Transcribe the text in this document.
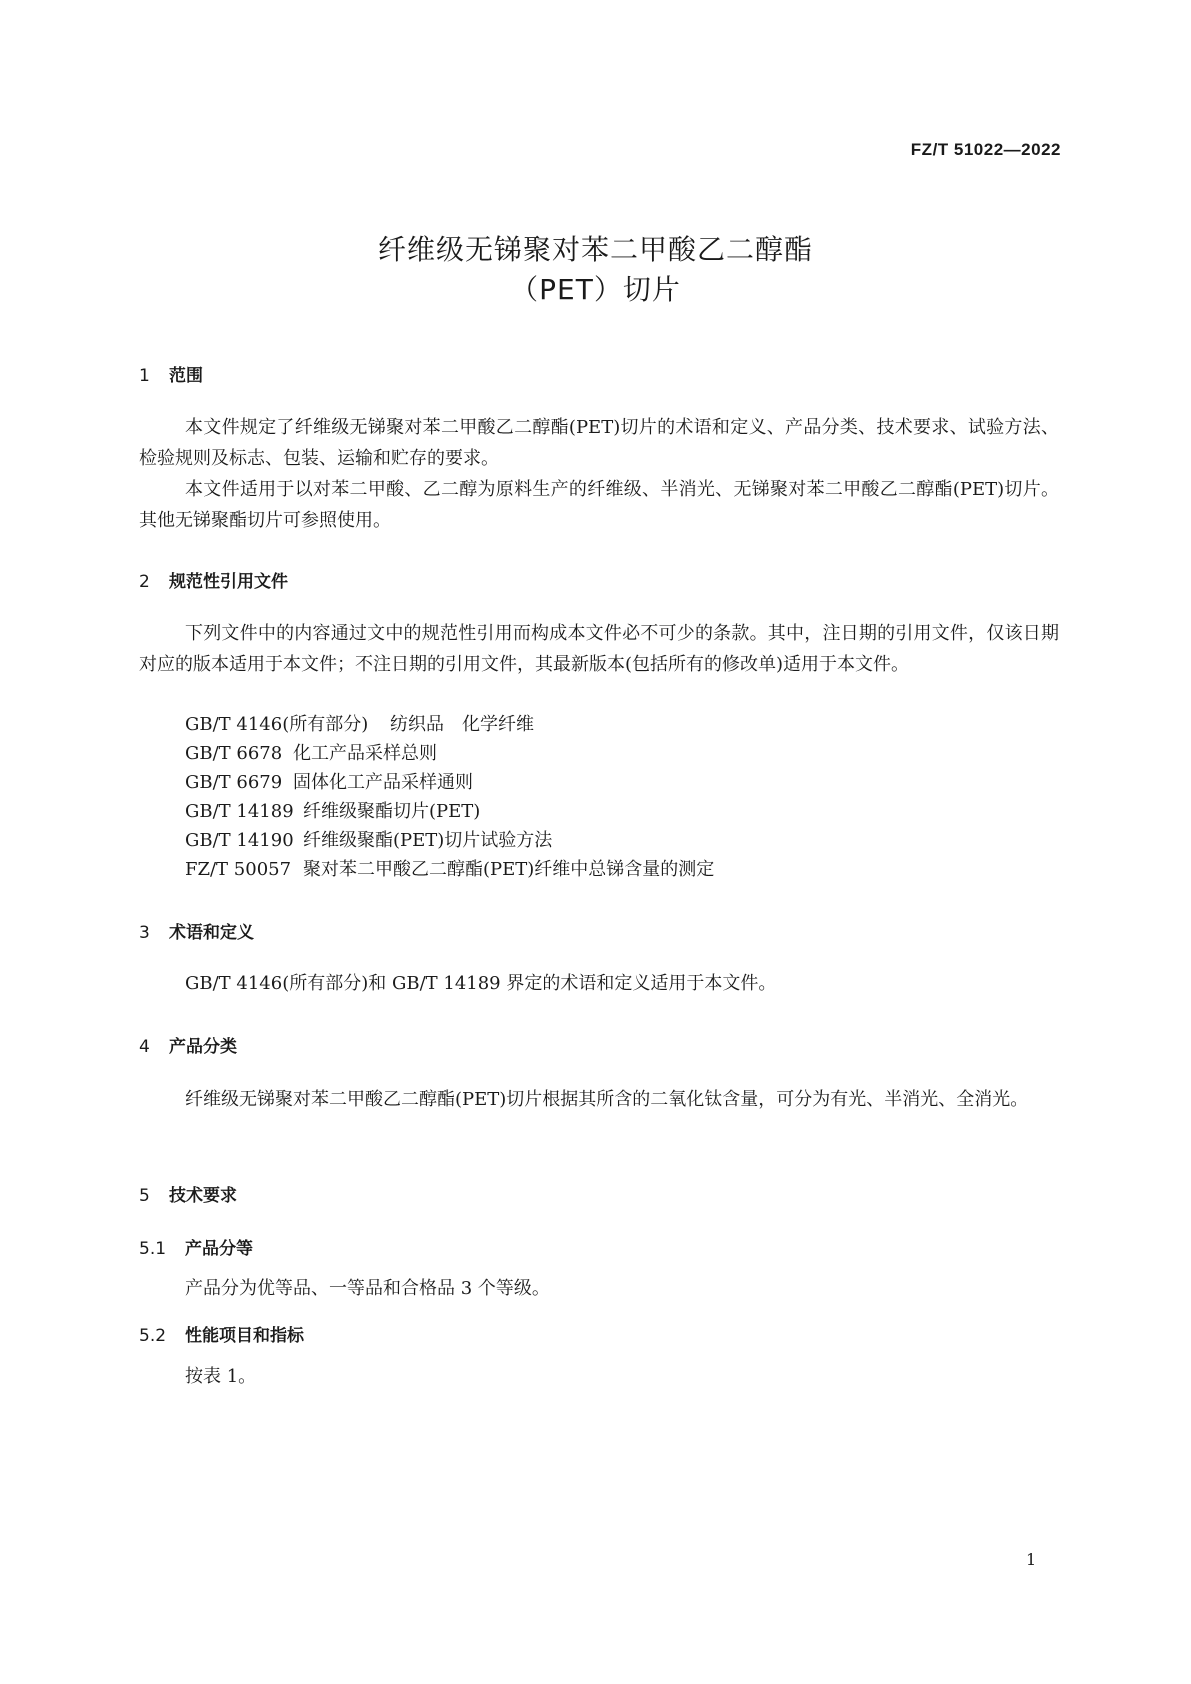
FZ/T 51022—2022
纤维级无锑聚对苯二甲酸乙二醇酯
（PET）切片
1 范围
本文件规定了纤维级无锑聚对苯二甲酸乙二醇酯(PET)切片的术语和定义、产品分类、技术要求、试验方法、检验规则及标志、包装、运输和贮存的要求。
本文件适用于以对苯二甲酸、乙二醇为原料生产的纤维级、半消光、无锑聚对苯二甲酸乙二醇酯(PET)切片。其他无锑聚酯切片可参照使用。
2 规范性引用文件
下列文件中的内容通过文中的规范性引用而构成本文件必不可少的条款。其中，注日期的引用文件，仅该日期对应的版本适用于本文件；不注日期的引用文件，其最新版本(包括所有的修改单)适用于本文件。
GB/T 4146(所有部分) 纺织品　化学纤维
GB/T 6678 化工产品采样总则
GB/T 6679 固体化工产品采样通则
GB/T 14189 纤维级聚酯切片(PET)
GB/T 14190 纤维级聚酯(PET)切片试验方法
FZ/T 50057 聚对苯二甲酸乙二醇酯(PET)纤维中总锑含量的测定
3 术语和定义
GB/T 4146(所有部分)和 GB/T 14189 界定的术语和定义适用于本文件。
4 产品分类
纤维级无锑聚对苯二甲酸乙二醇酯(PET)切片根据其所含的二氧化钛含量，可分为有光、半消光、全消光。
5 技术要求
5.1 产品分等
产品分为优等品、一等品和合格品 3 个等级。
5.2 性能项目和指标
按表 1。
1
